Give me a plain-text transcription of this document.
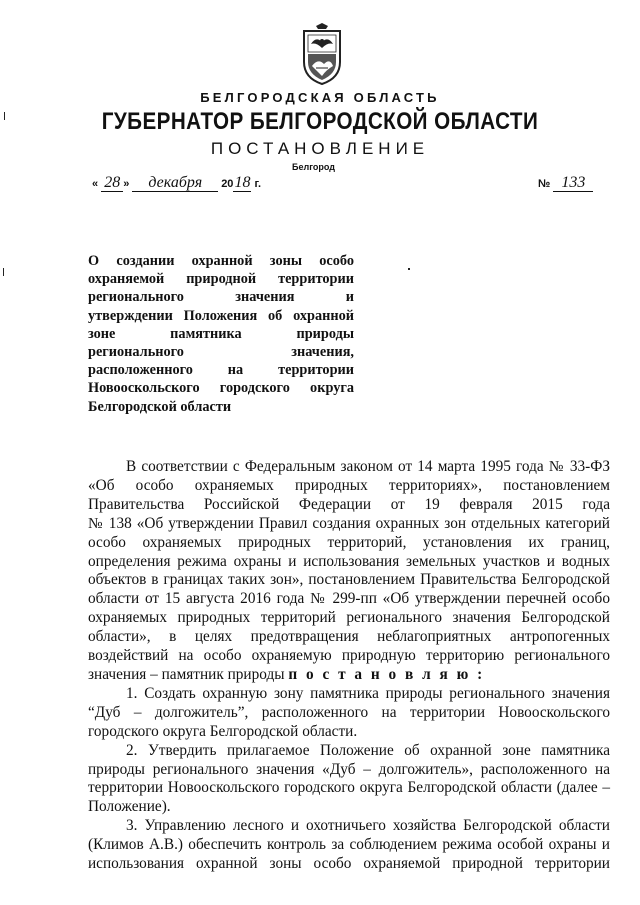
БЕЛГОРОДСКАЯ ОБЛАСТЬ
ГУБЕРНАТОР БЕЛГОРОДСКОЙ ОБЛАСТИ
ПОСТАНОВЛЕНИЕ
Белгород
« 28 » декабря 2018 г.	№ 133
О создании охранной зоны особо
охраняемой природной территории
регионального значения и
утверждении Положения об охранной
зоне памятника природы
регионального значения,
расположенного на территории
Новооскольского городского округа
Белгородской области
В соответствии с Федеральным законом от 14 марта 1995 года № 33-ФЗ
«Об особо охраняемых природных территориях», постановлением
Правительства Российской Федерации от 19 февраля 2015 года
№ 138 «Об утверждении Правил создания охранных зон отдельных категорий
особо охраняемых природных территорий, установления их границ,
определения режима охраны и использования земельных участков и водных
объектов в границах таких зон», постановлением Правительства Белгородской
области от 15 августа 2016 года № 299-пп «Об утверждении перечней особо
охраняемых природных территорий регионального значения Белгородской
области», в целях предотвращения неблагоприятных антропогенных
воздействий на особо охраняемую природную территорию регионального
значения – памятник природы п о с т а н о в л я ю :
1. Создать охранную зону памятника природы регионального значения
“Дуб – долгожитель”, расположенного на территории Новооскольского
городского округа Белгородской области.
2. Утвердить прилагаемое Положение об охранной зоне памятника
природы регионального значения «Дуб – долгожитель», расположенного на
территории Новооскольского городского округа Белгородской области (далее –
Положение).
3. Управлению лесного и охотничьего хозяйства Белгородской области
(Климов А.В.) обеспечить контроль за соблюдением режима особой охраны и
использования охранной зоны особо охраняемой природной территории
